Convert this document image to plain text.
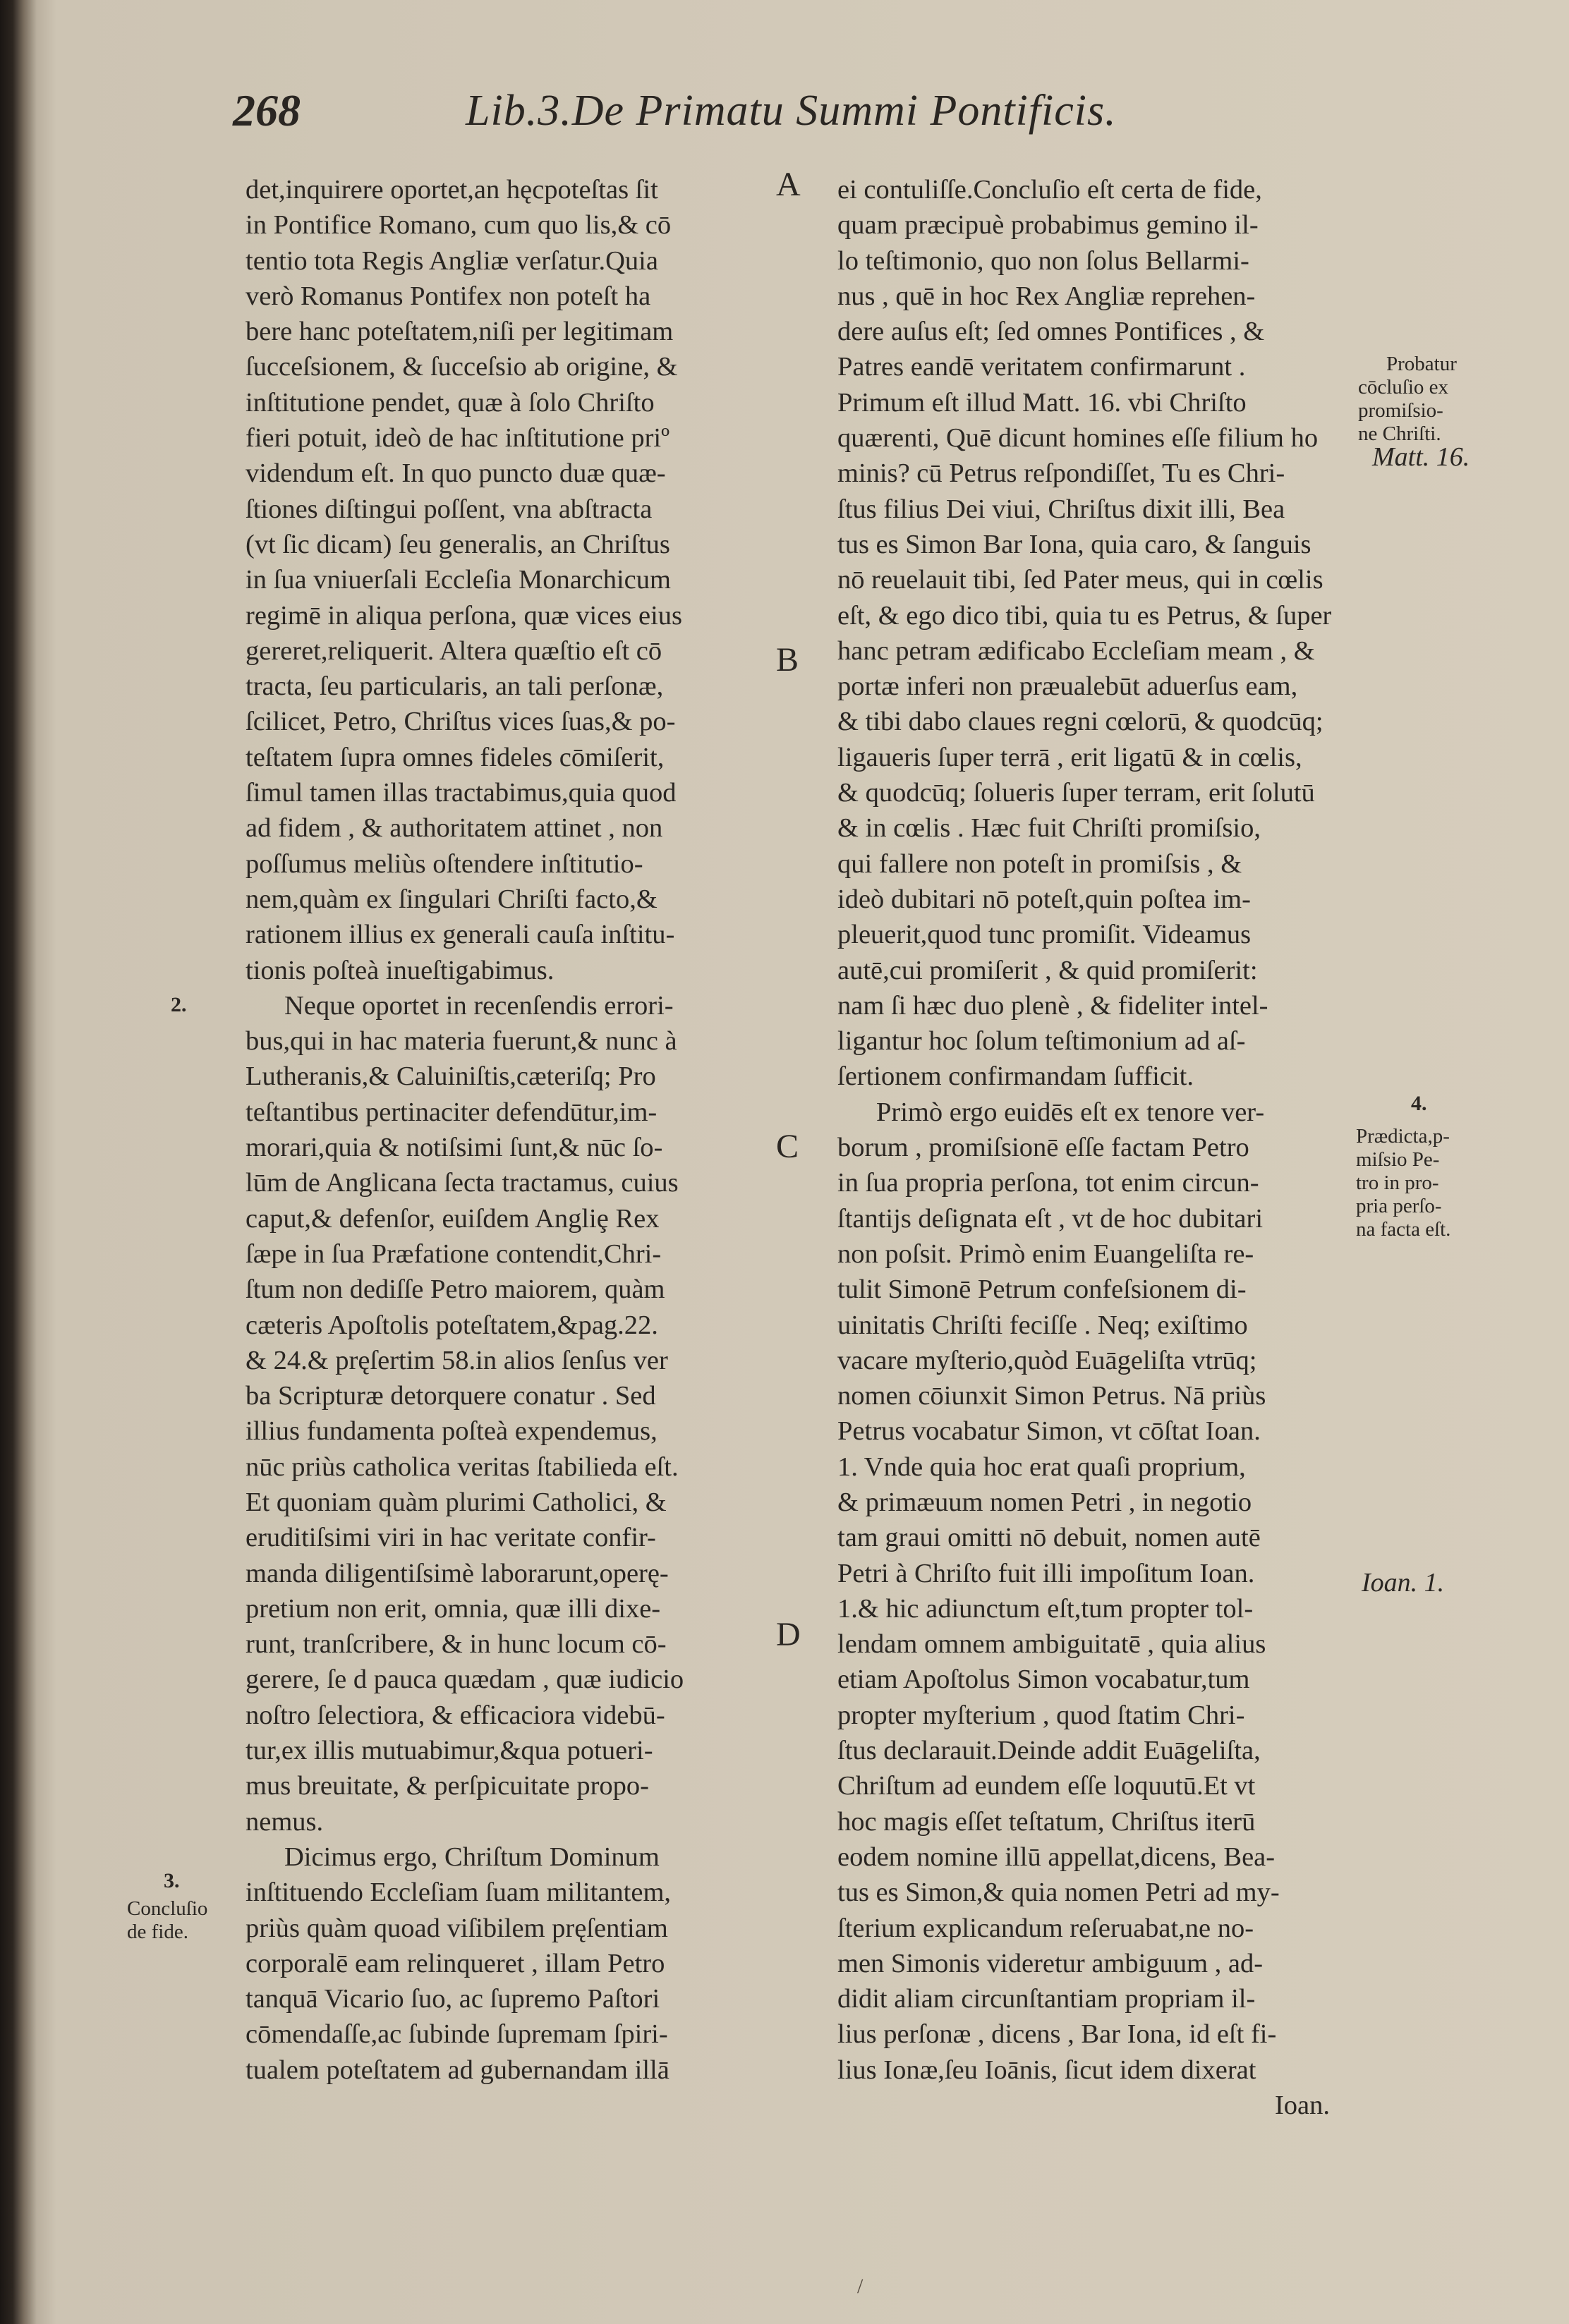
268	Lib.3.De Primatu Summi Pontificis.
det,inquirere oportet,an hęcpoteſtas ſit
in Pontifice Romano, cum quo lis,& cō
tentio tota Regis Angliæ verſatur.Quia
verò Romanus Pontifex non poteſt ha
bere hanc poteſtatem,niſi per legitimam
ſucceſsionem, & ſucceſsio ab origine, &
inſtitutione pendet, quæ à ſolo Chriſto
fieri potuit, ideò de hac inſtitutione priº
videndum eſt. In quo puncto duæ quæ-
ſtiones diſtingui poſſent, vna abſtracta
(vt ſic dicam) ſeu generalis, an Chriſtus
in ſua vniuerſali Eccleſia Monarchicum
regimē in aliqua perſona, quæ vices eius
gereret,reliquerit. Altera quæſtio eſt cō
tracta, ſeu particularis, an tali perſonæ,
ſcilicet, Petro, Chriſtus vices ſuas,& po-
teſtatem ſupra omnes fideles cōmiſerit,
ſimul tamen illas tractabimus,quia quod
ad fidem , & authoritatem attinet , non
poſſumus meliùs oſtendere inſtitutio-
nem,quàm ex ſingulari Chriſti facto,&
rationem illius ex generali cauſa inſtitu-
tionis poſteà inueſtigabimus.
Neque oportet in recenſendis errori-
bus,qui in hac materia fuerunt,& nunc à
Lutheranis,& Caluiniſtis,cæteriſq; Pro
teſtantibus pertinaciter defendūtur,im-
morari,quia & notiſsimi ſunt,& nūc ſo-
lūm de Anglicana ſecta tractamus, cuius
caput,& defenſor, euiſdem Angliȩ Rex
ſæpe in ſua Præfatione contendit,Chri-
ſtum non dediſſe Petro maiorem, quàm
cæteris Apoſtolis poteſtatem,&pag.22.
& 24.& pręſertim 58.in alios ſenſus ver
ba Scripturæ detorquere conatur . Sed
illius fundamenta poſteà expendemus,
nūc priùs catholica veritas ſtabilieda eſt.
Et quoniam quàm plurimi Catholici, &
eruditiſsimi viri in hac veritate confir-
manda diligentiſsimè laborarunt,operę-
pretium non erit, omnia, quæ illi dixe-
runt, tranſcribere, & in hunc locum cō-
gerere, ſe d pauca quædam , quæ iudicio
noſtro ſelectiora, & efficaciora videbū-
tur,ex illis mutuabimur,&qua potueri-
mus breuitate, & perſpicuitate propo-
nemus.
Dicimus ergo, Chriſtum Dominum
inſtituendo Eccleſiam ſuam militantem,
priùs quàm quoad viſibilem pręſentiam
corporalē eam relinqueret , illam Petro
tanquā Vicario ſuo, ac ſupremo Paſtori
cōmendaſſe,ac ſubinde ſupremam ſpiri-
tualem poteſtatem ad gubernandam illā
ei contuliſſe.Concluſio eſt certa de fide,
quam præcipuè probabimus gemino il-
lo teſtimonio, quo non ſolus Bellarmi-
nus , quē in hoc Rex Angliæ reprehen-
dere auſus eſt; ſed omnes Pontifices , &
Patres eandē veritatem confirmarunt .
Primum eſt illud Matt. 16. vbi Chriſto
quærenti, Quē dicunt homines eſſe filium ho
minis? cū Petrus reſpondiſſet, Tu es Chri-
ſtus filius Dei viui, Chriſtus dixit illi, Bea
tus es Simon Bar Iona, quia caro, & ſanguis
nō reuelauit tibi, ſed Pater meus, qui in cœlis
eſt, & ego dico tibi, quia tu es Petrus, & ſuper
hanc petram ædificabo Eccleſiam meam , &
portæ inferi non præualebūt aduerſus eam,
& tibi dabo claues regni cœlorū, & quodcūq;
ligaueris ſuper terrā , erit ligatū & in cœlis,
& quodcūq; ſolueris ſuper terram, erit ſolutū
& in cœlis . Hæc fuit Chriſti promiſsio,
qui fallere non poteſt in promiſsis , &
ideò dubitari nō poteſt,quin poſtea im-
pleuerit,quod tunc promiſit. Videamus
autē,cui promiſerit , & quid promiſerit:
nam ſi hæc duo plenè , & fideliter intel-
ligantur hoc ſolum teſtimonium ad aſ-
ſertionem confirmandam ſufficit.
Primò ergo euidēs eſt ex tenore ver-
borum , promiſsionē eſſe factam Petro
in ſua propria perſona, tot enim circun-
ſtantijs deſignata eſt , vt de hoc dubitari
non poſsit. Primò enim Euangeliſta re-
tulit Simonē Petrum confeſsionem di-
uinitatis Chriſti feciſſe . Neq; exiſtimo
vacare myſterio,quòd Euāgeliſta vtrūq;
nomen cōiunxit Simon Petrus. Nā priùs
Petrus vocabatur Simon, vt cōſtat Ioan.
1. Vnde quia hoc erat quaſi proprium,
& primæuum nomen Petri , in negotio
tam graui omitti nō debuit, nomen autē
Petri à Chriſto fuit illi impoſitum Ioan.
1.& hic adiunctum eſt,tum propter tol-
lendam omnem ambiguitatē , quia alius
etiam Apoſtolus Simon vocabatur,tum
propter myſterium , quod ſtatim Chri-
ſtus declarauit.Deinde addit Euāgeliſta,
Chriſtum ad eundem eſſe loquutū.Et vt
hoc magis eſſet teſtatum, Chriſtus iterū
eodem nomine illū appellat,dicens, Bea-
tus es Simon,& quia nomen Petri ad my-
ſterium explicandum reſeruabat,ne no-
men Simonis videretur ambiguum , ad-
didit aliam circunſtantiam propriam il-
lius perſonæ , dicens , Bar Iona, id eſt fi-
lius Ionæ,ſeu Ioānis, ſicut idem dixerat
Ioan.
A
B
C
D
2.
3.
Concluſio
de fide.
Probatur
cōcluſio ex
promiſsio-
ne Chriſti.
Matt. 16.
4.
Prædicta,p-
miſsio Pe-
tro in pro-
pria perſo-
na facta eſt.
Ioan. 1.
/
